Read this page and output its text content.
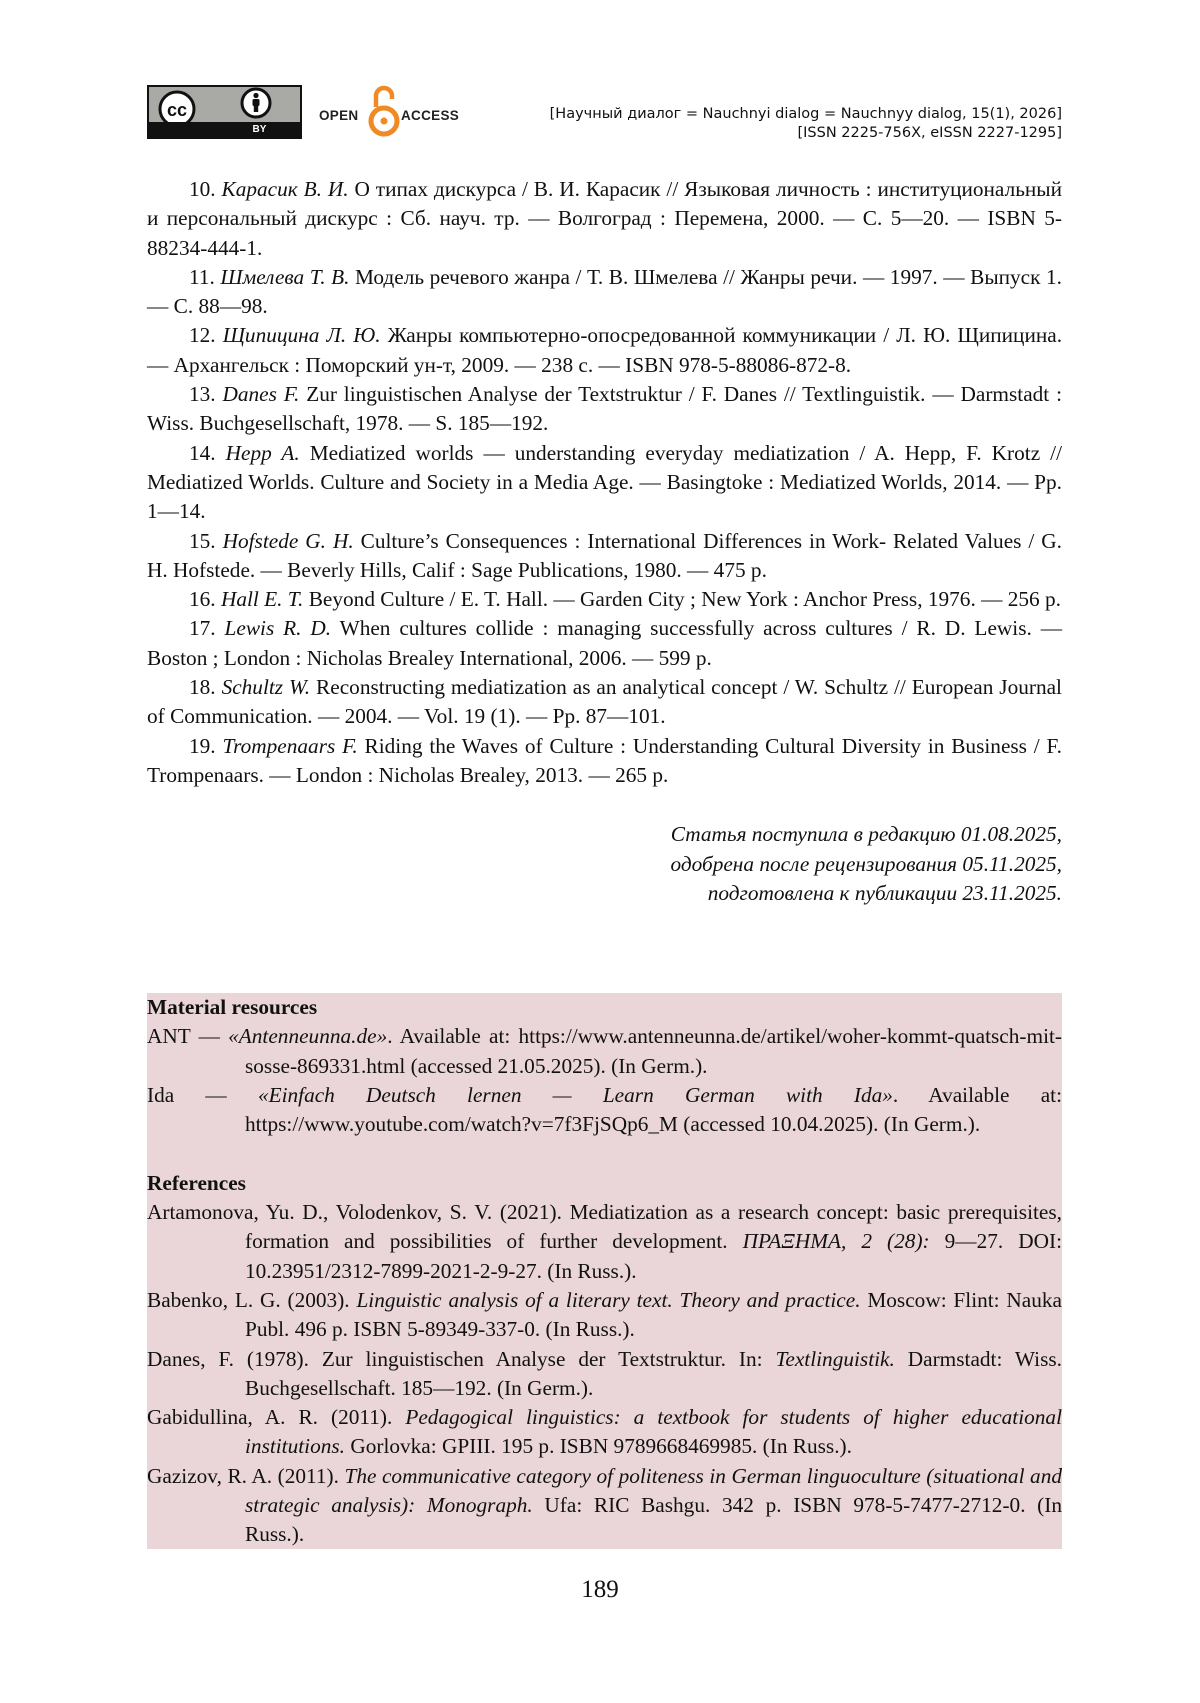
cc
BY
OPEN	ACCESS	[Научный диалог = Nauchnyi dialog = Nauchnyy dialog, 15(1), 2026]
[ISSN 2225-756X, eISSN 2227-1295]

10. Карасик В. И. О типах дискурса / В. И. Карасик // Языковая личность : институциональный и персональный дискурс : Сб. науч. тр. — Волгоград : Перемена, 2000. — С. 5—20. — ISBN 5-88234-444-1.

11. Шмелева Т. В. Модель речевого жанра / Т. В. Шмелева // Жанры речи. — 1997. — Выпуск 1. — С. 88—98.

12. Щипицина Л. Ю. Жанры компьютерно-опосредованной коммуникации / Л. Ю. Щипицина. — Архангельск : Поморский ун-т, 2009. — 238 с. — ISBN 978-5-88086-872-8.

13. Danes F. Zur linguistischen Analyse der Textstruktur / F. Danes // Textlinguistik. — Darmstadt : Wiss. Buchgesellschaft, 1978. — S. 185—192.

14. Hepp A. Mediatized worlds — understanding everyday mediatization / A. Hepp, F. Krotz // Mediatized Worlds. Culture and Society in a Media Age. — Basingtoke : Mediatized Worlds, 2014. — Pp. 1—14.

15. Hofstede G. H. Culture’s Consequences : International Differences in Work- Related Values / G. H. Hofstede. — Beverly Hills, Calif : Sage Publications, 1980. — 475 p.

16. Hall E. T. Beyond Culture / E. T. Hall. — Garden City ; New York : Anchor Press, 1976. — 256 p.

17. Lewis R. D. When cultures collide : managing successfully across cultures / R. D. Lewis. — Boston ; London : Nicholas Brealey International, 2006. — 599 p.

18. Schultz W. Reconstructing mediatization as an analytical concept / W. Schultz // European Journal of Communication. — 2004. — Vol. 19 (1). — Pp. 87—101.

19. Trompenaars F. Riding the Waves of Culture : Understanding Cultural Diversity in Business / F. Trompenaars. — London : Nicholas Brealey, 2013. — 265 p.

Статья поступила в редакцию 01.08.2025,
одобрена после рецензирования 05.11.2025,
подготовлена к публикации 23.11.2025.

Material resources

ANT — «Antenneunna.de». Available at: https://www.antenneunna.de/artikel/woher-kommt-quatsch-mit-sosse-869331.html (accessed 21.05.2025). (In Germ.).

Ida — «Einfach Deutsch lernen — Learn German with Ida». Available at: https://www.youtube.com/watch?v=7f3FjSQp6_M (accessed 10.04.2025). (In Germ.).

References

Artamonova, Yu. D., Volodenkov, S. V. (2021). Mediatization as a research concept: basic prerequisites, formation and possibilities of further development. ΠΡΑΞΗΜΑ, 2 (28): 9—27. DOI: 10.23951/2312-7899-2021-2-9-27. (In Russ.).

Babenko, L. G. (2003). Linguistic analysis of a literary text. Theory and practice. Moscow: Flint: Nauka Publ. 496 p. ISBN 5-89349-337-0. (In Russ.).

Danes, F. (1978). Zur linguistischen Analyse der Textstruktur. In: Textlinguistik. Darmstadt: Wiss. Buchgesellschaft. 185—192. (In Germ.).

Gabidullina, A. R. (2011). Pedagogical linguistics: a textbook for students of higher educational institutions. Gorlovka: GPIII. 195 p. ISBN 9789668469985. (In Russ.).

Gazizov, R. A. (2011). The communicative category of politeness in German linguoculture (situational and strategic analysis): Monograph. Ufa: RIC Bashgu. 342 p. ISBN 978-5-7477-2712-0. (In Russ.).

189
